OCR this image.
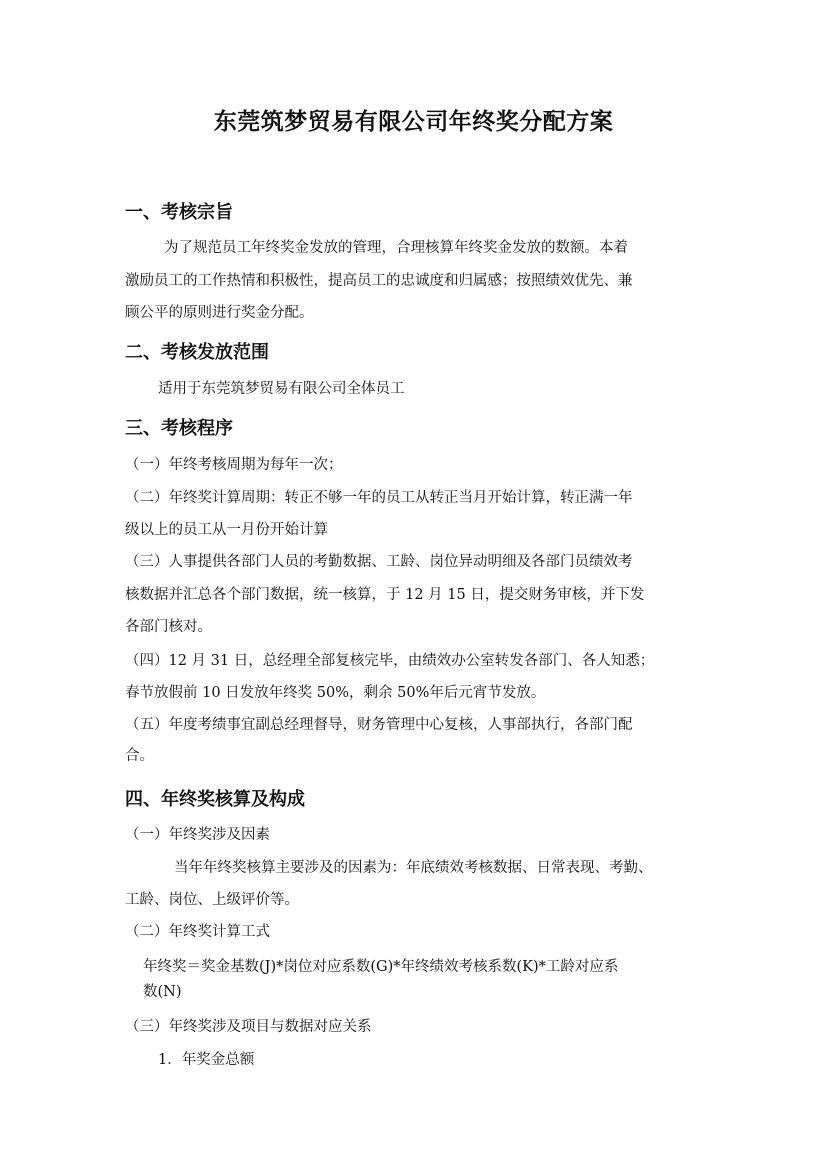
东莞筑梦贸易有限公司年终奖分配方案
一、考核宗旨
为了规范员工年终奖金发放的管理，合理核算年终奖金发放的数额。本着
激励员工的工作热情和积极性，提高员工的忠诚度和归属感；按照绩效优先、兼
顾公平的原则进行奖金分配。
二、考核发放范围
适用于东莞筑梦贸易有限公司全体员工
三、考核程序
（一）年终考核周期为每年一次；
（二）年终奖计算周期：转正不够一年的员工从转正当月开始计算，转正满一年
级以上的员工从一月份开始计算
（三）人事提供各部门人员的考勤数据、工龄、岗位异动明细及各部门员绩效考
核数据并汇总各个部门数据，统一核算，于 12 月 15 日，提交财务审核，并下发
各部门核对。
（四）12 月 31 日，总经理全部复核完毕，由绩效办公室转发各部门、各人知悉；
春节放假前 10 日发放年终奖 50%，剩余 50%年后元宵节发放。
（五）年度考绩事宜副总经理督导，财务管理中心复核，人事部执行，各部门配
合。
四、年终奖核算及构成
（一）年终奖涉及因素
当年年终奖核算主要涉及的因素为：年底绩效考核数据、日常表现、考勤、
工龄、岗位、上级评价等。
（二）年终奖计算工式
年终奖＝奖金基数(J)*岗位对应系数(G)*年终绩效考核系数(K)*工龄对应系
数(N)
（三）年终奖涉及项目与数据对应关系
1．年奖金总额
